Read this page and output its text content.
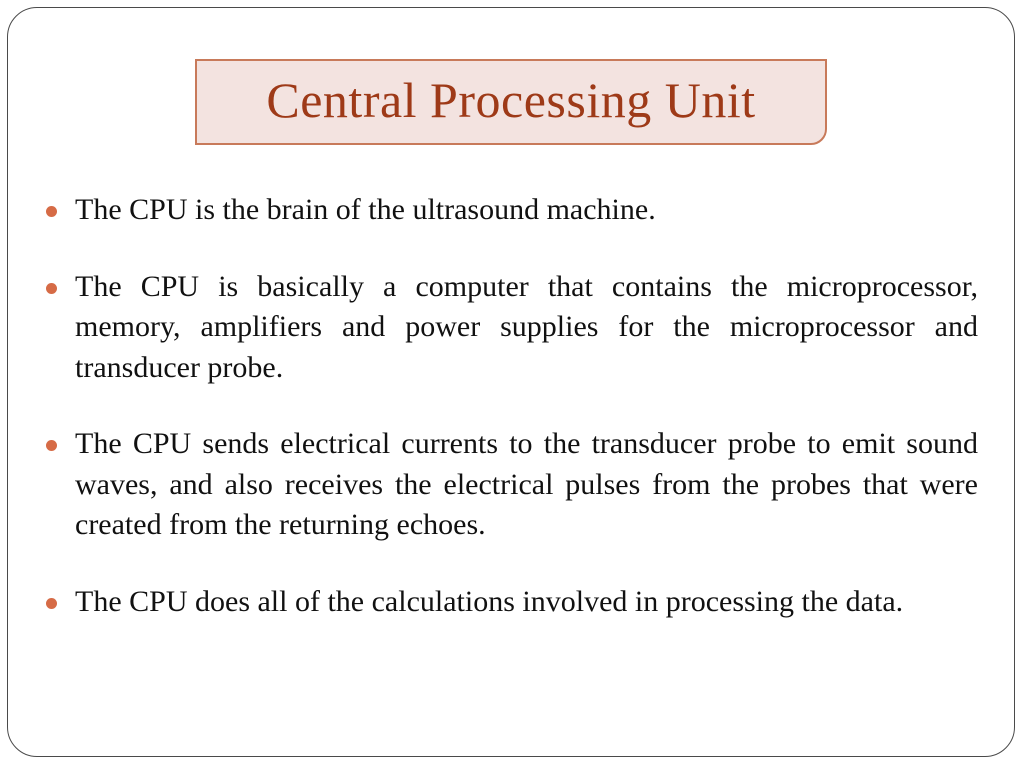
Central Processing Unit
The CPU is the brain of the ultrasound machine.
The CPU is basically a computer that contains the microprocessor, memory, amplifiers and power supplies for the microprocessor and transducer probe.
The CPU sends electrical currents to the transducer probe to emit sound waves, and also receives the electrical pulses from the probes that were created from the returning echoes.
The CPU does all of the calculations involved in processing the data.
